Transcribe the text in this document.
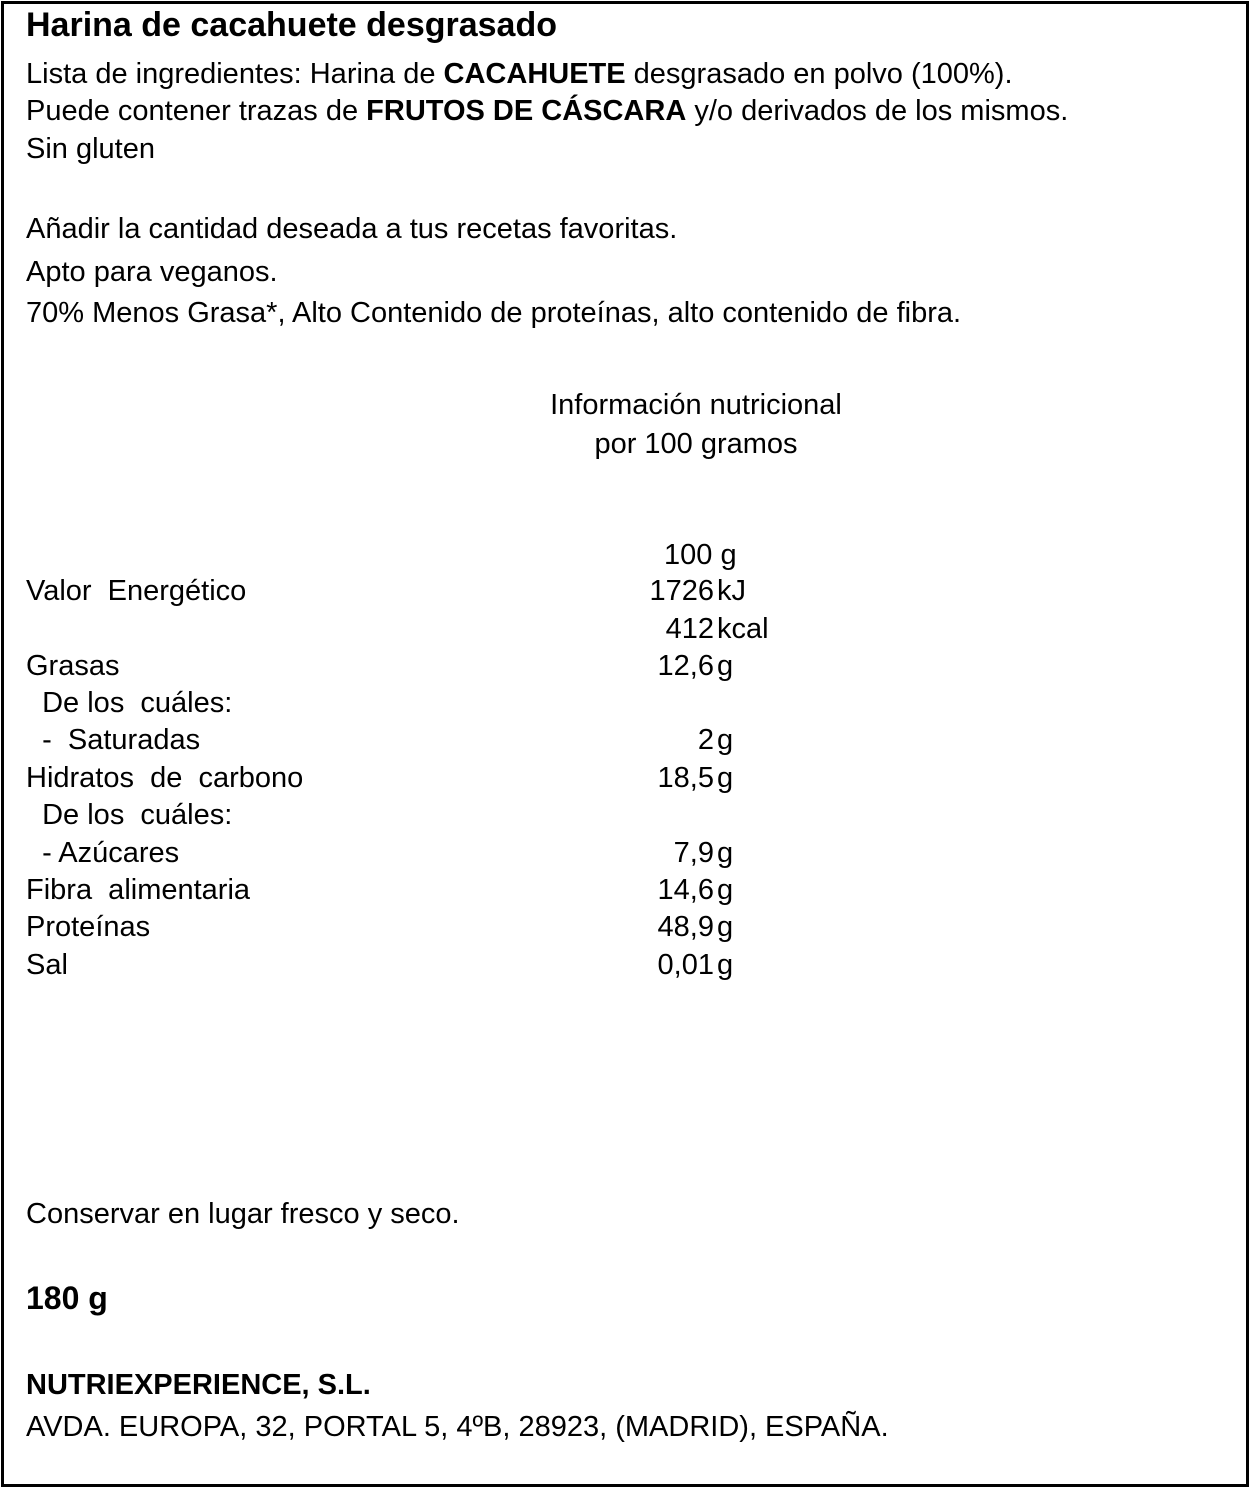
Harina de cacahuete desgrasado
Lista de ingredientes: Harina de CACAHUETE desgrasado en polvo (100%).
Puede contener trazas de FRUTOS DE CÁSCARA y/o derivados de los mismos.
Sin gluten
Añadir la cantidad deseada a tus recetas favoritas.
Apto para veganos.
70% Menos Grasa*, Alto Contenido de proteínas, alto contenido de fibra.
Información nutricional
por 100 gramos
100 g
Valor  Energético	1726 kJ
412 kcal
Grasas	12,6 g
De los  cuáles:
-  Saturadas	2 g
Hidratos  de  carbono	18,5 g
De los  cuáles:
- Azúcares	7,9 g
Fibra  alimentaria	14,6 g
Proteínas	48,9 g
Sal	0,01 g
Conservar en lugar fresco y seco.
180 g
NUTRIEXPERIENCE, S.L.
AVDA. EUROPA, 32, PORTAL 5, 4ºB, 28923, (MADRID), ESPAÑA.
